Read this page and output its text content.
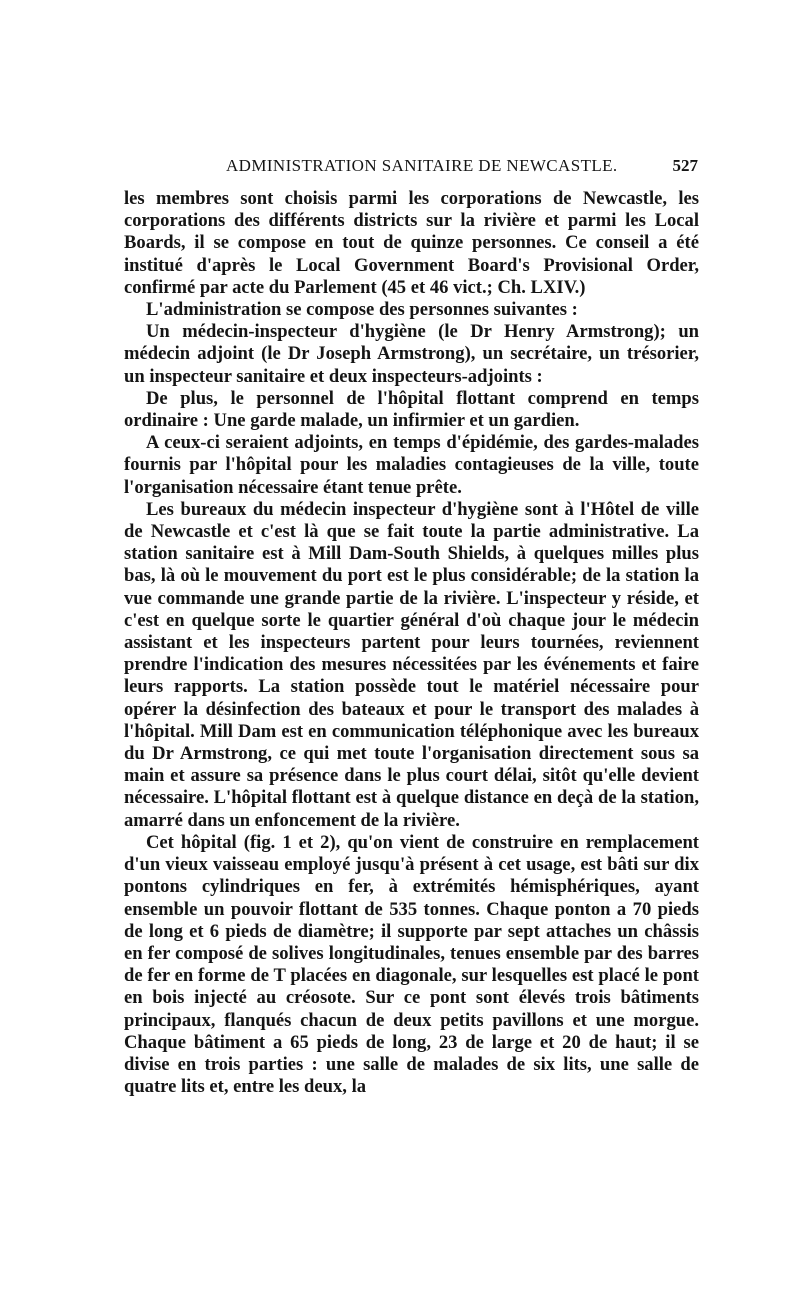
ADMINISTRATION SANITAIRE DE NEWCASTLE.	527

les membres sont choisis parmi les corporations de Newcastle, les corporations des différents districts sur la rivière et parmi les Local Boards, il se compose en tout de quinze personnes. Ce conseil a été institué d'après le Local Government Board's Provisional Order, confirmé par acte du Parlement (45 et 46 vict.; Ch. LXIV.)

L'administration se compose des personnes suivantes :

Un médecin-inspecteur d'hygiène (le Dr Henry Armstrong); un médecin adjoint (le Dr Joseph Armstrong), un secrétaire, un trésorier, un inspecteur sanitaire et deux inspecteurs-adjoints :

De plus, le personnel de l'hôpital flottant comprend en temps ordinaire : Une garde malade, un infirmier et un gardien.

A ceux-ci seraient adjoints, en temps d'épidémie, des gardes-malades fournis par l'hôpital pour les maladies contagieuses de la ville, toute l'organisation nécessaire étant tenue prête.

Les bureaux du médecin inspecteur d'hygiène sont à l'Hôtel de ville de Newcastle et c'est là que se fait toute la partie administrative. La station sanitaire est à Mill Dam-South Shields, à quelques milles plus bas, là où le mouvement du port est le plus considérable; de la station la vue commande une grande partie de la rivière. L'inspecteur y réside, et c'est en quelque sorte le quartier général d'où chaque jour le médecin assistant et les inspecteurs partent pour leurs tournées, reviennent prendre l'indication des mesures nécessitées par les événements et faire leurs rapports. La station possède tout le matériel nécessaire pour opérer la désinfection des bateaux et pour le transport des malades à l'hôpital. Mill Dam est en communication téléphonique avec les bureaux du Dr Armstrong, ce qui met toute l'organisation directement sous sa main et assure sa présence dans le plus court délai, sitôt qu'elle devient nécessaire. L'hôpital flottant est à quelque distance en deçà de la station, amarré dans un enfoncement de la rivière.

Cet hôpital (fig. 1 et 2), qu'on vient de construire en remplacement d'un vieux vaisseau employé jusqu'à présent à cet usage, est bâti sur dix pontons cylindriques en fer, à extrémités hémisphériques, ayant ensemble un pouvoir flottant de 535 tonnes. Chaque ponton a 70 pieds de long et 6 pieds de diamètre; il supporte par sept attaches un châssis en fer composé de solives longitudinales, tenues ensemble par des barres de fer en forme de T placées en diagonale, sur lesquelles est placé le pont en bois injecté au créosote. Sur ce pont sont élevés trois bâtiments principaux, flanqués chacun de deux petits pavillons et une morgue. Chaque bâtiment a 65 pieds de long, 23 de large et 20 de haut; il se divise en trois parties : une salle de malades de six lits, une salle de quatre lits et, entre les deux, la
